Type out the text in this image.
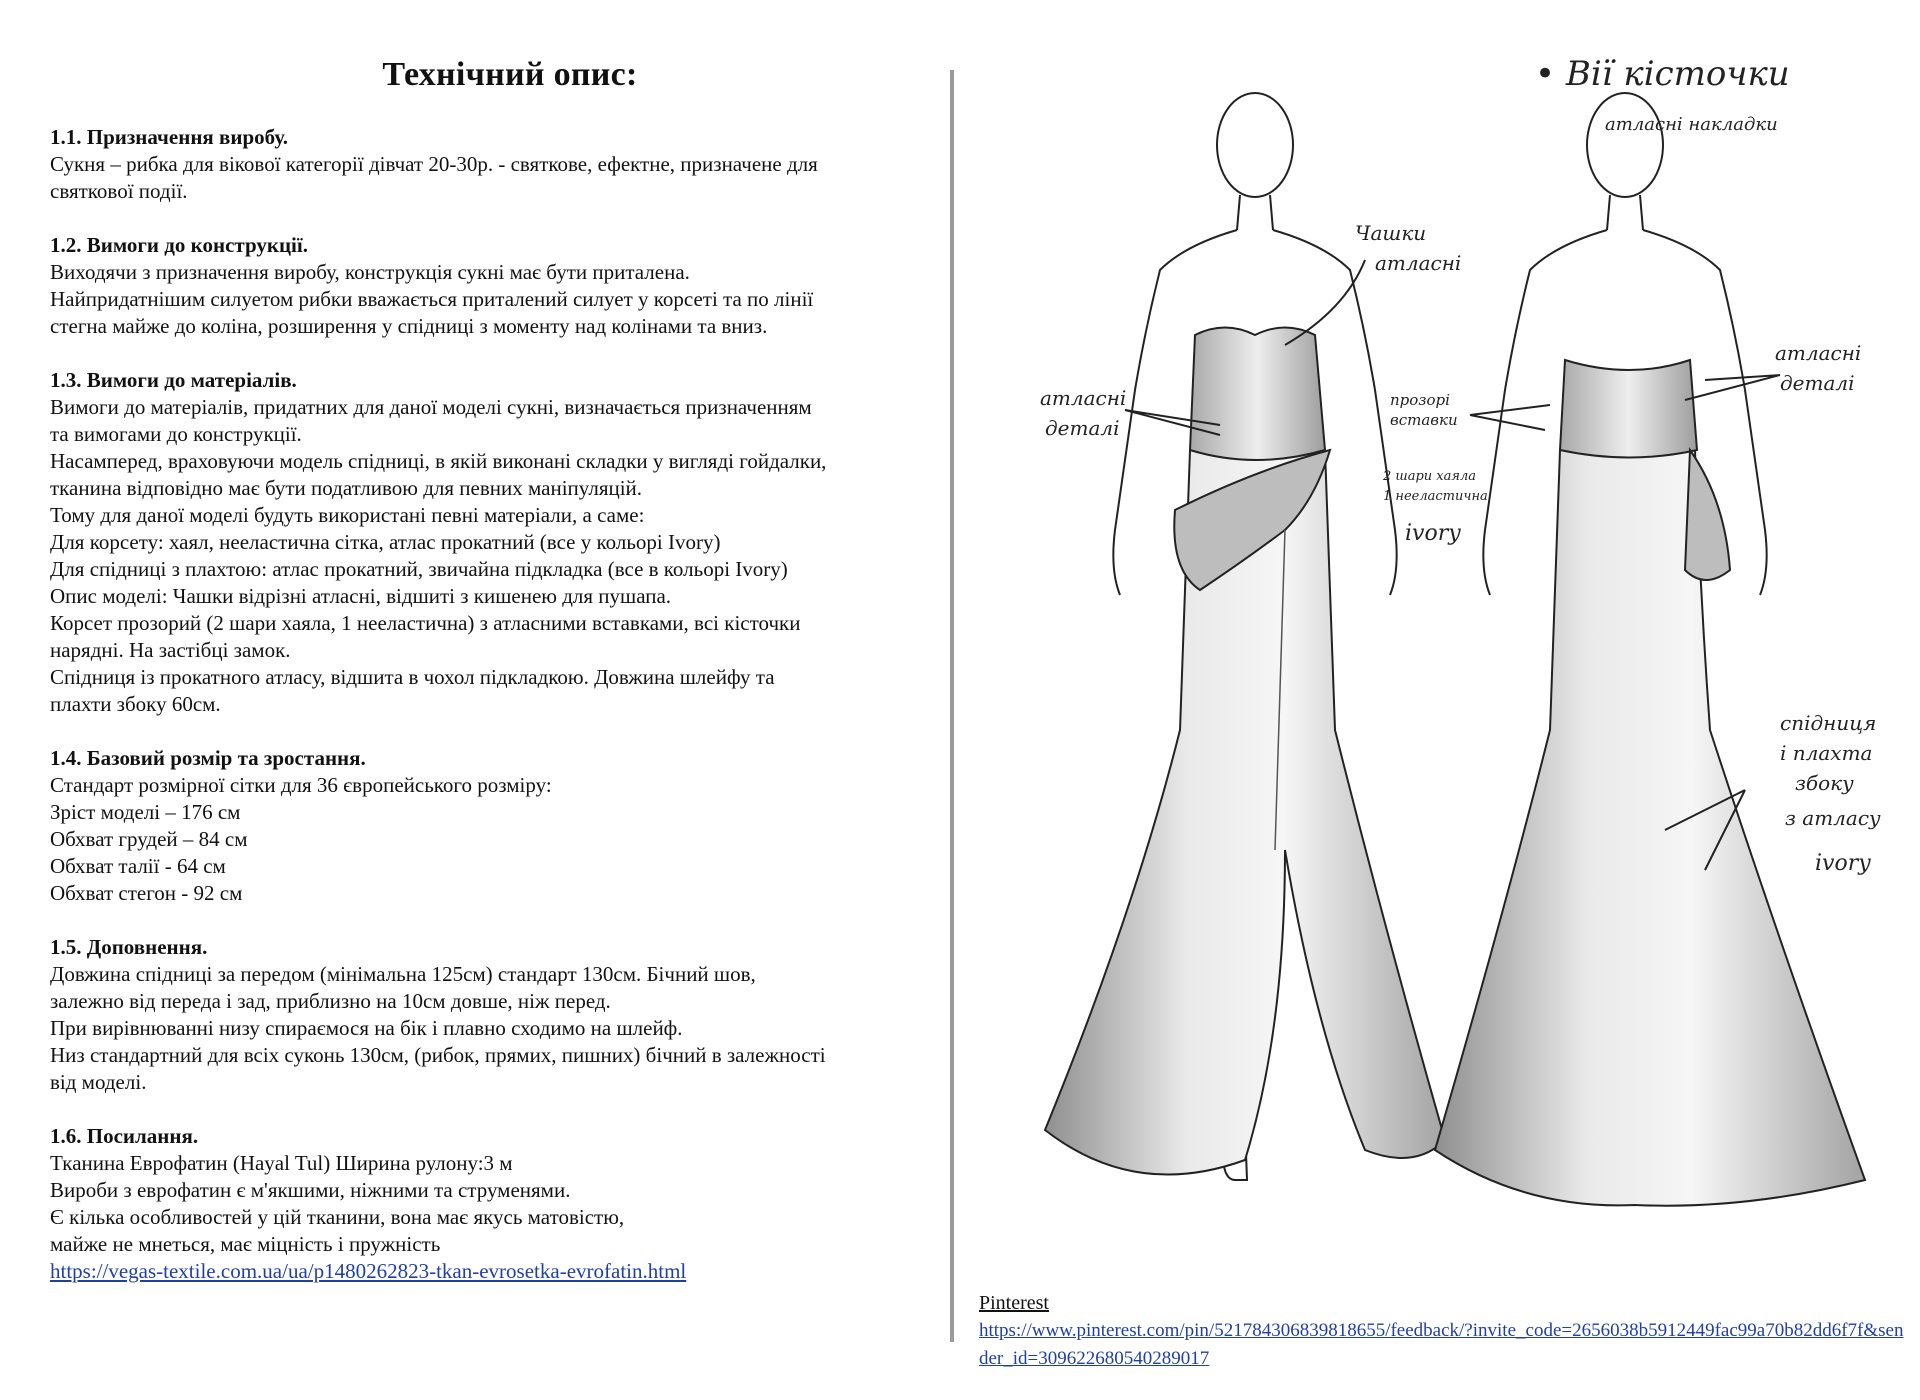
Технічний опис:
1.1. Призначення виробу.
Сукня – рибка для вікової категорії дівчат 20-30р. - святкове, ефектне, призначене для
святкової події.
1.2. Вимоги до конструкції.
Виходячи з призначення виробу, конструкція сукні має бути приталена.
Найпридатнішим силуетом рибки вважається приталений силует у корсеті та по лінії
стегна майже до коліна, розширення у спідниці з моменту над колінами та вниз.
1.3. Вимоги до матеріалів.
Вимоги до матеріалів, придатних для даної моделі сукні, визначається призначенням
та вимогами до конструкції.
Насамперед, враховуючи модель спідниці, в якій виконані складки у вигляді гойдалки,
тканина відповідно має бути податливою для певних маніпуляцій.
Тому для даної моделі будуть використані певні матеріали, а саме:
Для корсету: хаял, нееластична сітка, атлас прокатний (все у кольорі Ivory)
Для спідниці з плахтою: атлас прокатний, звичайна підкладка (все в кольорі Ivory)
Опис моделі: Чашки відрізні атласні, відшиті з кишенею для пушапа.
Корсет прозорий (2 шари хаяла, 1 нееластична) з атласними вставками, всі кісточки
нарядні. На застібці замок.
Спідниця із прокатного атласу, відшита в чохол підкладкою. Довжина шлейфу та
плахти збоку 60см.
1.4. Базовий розмір та зростання.
Стандарт розмірної сітки для 36 європейського розміру:
Зріст моделі – 176 см
Обхват грудей – 84 см
Обхват талії - 64 см
Обхват стегон - 92 см
1.5. Доповнення.
Довжина спідниці за передом (мінімальна 125см) стандарт 130см. Бічний шов,
залежно від переда і зад, приблизно на 10см довше, ніж перед.
При вирівнюванні низу спираємося на бік і плавно сходимо на шлейф.
Низ стандартний для всіх суконь 130см, (рибок, прямих, пишних) бічний в залежності
від моделі.
1.6. Посилання.
Тканина Еврофатин (Hayal Tul) Ширина рулону:3 м
Вироби з еврофатин є м'якшими, ніжними та струменями.
Є кілька особливостей у цій тканини, вона має якусь матовістю,
майже не мнеться, має міцність і пружність
https://vegas-textile.com.ua/ua/p1480262823-tkan-evrosetka-evrofatin.html
• Вії кісточки
атласні накладки
Чашки
атласні
атласні
деталі
прозорі
вставки
2 шари хаяла
1 нееластична
ivory
атласні
деталі
спідниця
і плахта
збоку
з атласу
ivory
Pinterest
https://www.pinterest.com/pin/521784306839818655/feedback/?invite_code=2656038b5912449fac99a70b82dd6f7f&sender_id=309622680540289017
